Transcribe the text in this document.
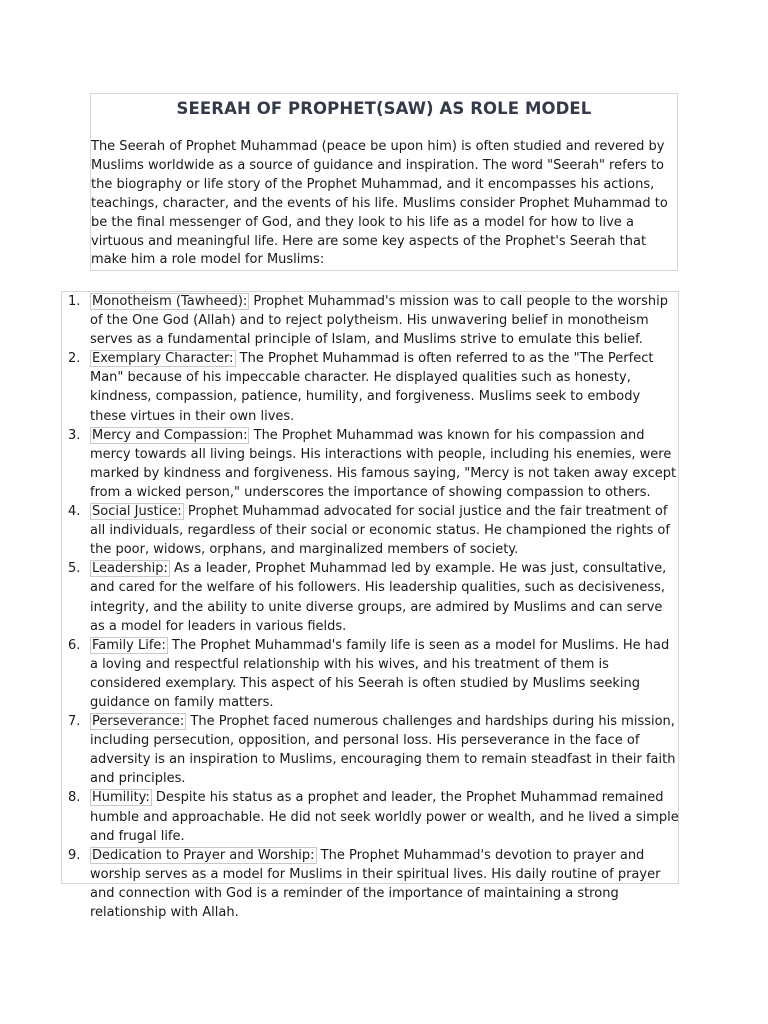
SEERAH OF PROPHET(SAW) AS ROLE MODEL

The Seerah of Prophet Muhammad (peace be upon him) is often studied and revered by Muslims worldwide as a source of guidance and inspiration. The word "Seerah" refers to the biography or life story of the Prophet Muhammad, and it encompasses his actions, teachings, character, and the events of his life. Muslims consider Prophet Muhammad to be the final messenger of God, and they look to his life as a model for how to live a virtuous and meaningful life. Here are some key aspects of the Prophet's Seerah that make him a role model for Muslims:

1. Monotheism (Tawheed): Prophet Muhammad's mission was to call people to the worship of the One God (Allah) and to reject polytheism. His unwavering belief in monotheism serves as a fundamental principle of Islam, and Muslims strive to emulate this belief.
2. Exemplary Character: The Prophet Muhammad is often referred to as the "The Perfect Man" because of his impeccable character. He displayed qualities such as honesty, kindness, compassion, patience, humility, and forgiveness. Muslims seek to embody these virtues in their own lives.
3. Mercy and Compassion: The Prophet Muhammad was known for his compassion and mercy towards all living beings. His interactions with people, including his enemies, were marked by kindness and forgiveness. His famous saying, "Mercy is not taken away except from a wicked person," underscores the importance of showing compassion to others.
4. Social Justice: Prophet Muhammad advocated for social justice and the fair treatment of all individuals, regardless of their social or economic status. He championed the rights of the poor, widows, orphans, and marginalized members of society.
5. Leadership: As a leader, Prophet Muhammad led by example. He was just, consultative, and cared for the welfare of his followers. His leadership qualities, such as decisiveness, integrity, and the ability to unite diverse groups, are admired by Muslims and can serve as a model for leaders in various fields.
6. Family Life: The Prophet Muhammad's family life is seen as a model for Muslims. He had a loving and respectful relationship with his wives, and his treatment of them is considered exemplary. This aspect of his Seerah is often studied by Muslims seeking guidance on family matters.
7. Perseverance: The Prophet faced numerous challenges and hardships during his mission, including persecution, opposition, and personal loss. His perseverance in the face of adversity is an inspiration to Muslims, encouraging them to remain steadfast in their faith and principles.
8. Humility: Despite his status as a prophet and leader, the Prophet Muhammad remained humble and approachable. He did not seek worldly power or wealth, and he lived a simple and frugal life.
9. Dedication to Prayer and Worship: The Prophet Muhammad's devotion to prayer and worship serves as a model for Muslims in their spiritual lives. His daily routine of prayer and connection with God is a reminder of the importance of maintaining a strong relationship with Allah.
